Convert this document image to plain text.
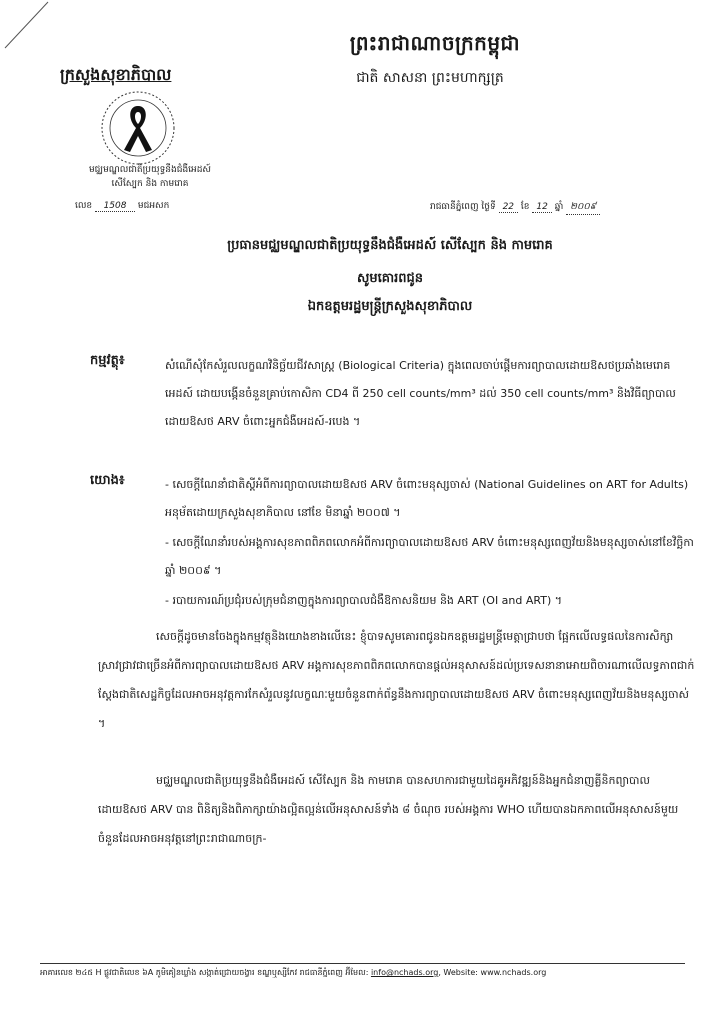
ព្រះរាជាណាចក្រកម្ពុជា
ជាតិ សាសនា ព្រះមហាក្សត្រ
ក្រសួងសុខាភិបាល
មជ្ឈមណ្ឌលជាតិប្រយុទ្ធនឹងជំងឺអេដស៍
សើស្បែក និង កាមរោគ
លេខ 1508 មជអសក	រាជធានីភ្នំពេញ ថ្ងៃទី 22 ខែ 12 ឆ្នាំ ២០០៩
ប្រធានមជ្ឈមណ្ឌលជាតិប្រយុទ្ធនឹងជំងឺអេដស៍ សើស្បែក និង កាមរោគ
សូមគោរពជូន
ឯកឧត្តមរដ្ឋមន្ត្រីក្រសួងសុខាភិបាល
កម្មវត្ថុ៖	សំណើសុំកែសំរួលលក្ខណវិនិច្ឆ័យជីវសាស្ត្រ (Biological Criteria) ក្នុងពេលចាប់ផ្តើមការព្យាបាលដោយឱសថប្រឆាំងមេរោគអេដស៍ ដោយបង្កើនចំនួនគ្រាប់កោសិកា CD4 ពី 250 cell counts/mm³ ដល់ 350 cell counts/mm³ និងវិធីព្យាបាលដោយឱសថ ARV ចំពោះអ្នកជំងឺអេដស៍-របេង ។
យោង៖	- សេចក្តីណែនាំជាតិស្តីអំពីការព្យាបាលដោយឱសថ ARV ចំពោះមនុស្សចាស់ (National Guidelines on ART for Adults) អនុម័តដោយក្រសួងសុខាភិបាល នៅខែ មិនាឆ្នាំ ២០០៧ ។
- សេចក្តីណែនាំរបស់អង្គការសុខភាពពិភពលោកអំពីការព្យាបាលដោយឱសថ ARV ចំពោះមនុស្សពេញវ័យនិងមនុស្សចាស់នៅខែវិច្ឆិកា ឆ្នាំ ២០០៩ ។
- របាយការណ៍ប្រជុំរបស់ក្រុមជំនាញក្នុងការព្យាបាលជំងឺឱកាសនិយម និង ART (OI and ART) ។
សេចក្តីដូចមានចែងក្នុងកម្មវត្ថុនិងយោងខាងលើនេះ ខ្ញុំបាទសូមគោរពជូនឯកឧត្តមរដ្ឋមន្ត្រីមេត្តាជ្រាបថា ផ្អែកលើលទ្ធផលនៃការសិក្សាស្រាវជ្រាវជាច្រើនអំពីការព្យាបាលដោយឱសថ ARV អង្គការសុខភាពពិភពលោកបានផ្តល់អនុសាសន៍ដល់ប្រទេសនានាអោយពិចារណាលើលទ្ធភាពជាក់ស្តែងជាតិសេដ្ឋកិច្ចដែលអាចអនុវត្តការកែសំរួលនូវលក្ខណៈមួយចំនួនពាក់ព័ន្ធនឹងការព្យាបាលដោយឱសថ ARV ចំពោះមនុស្សពេញវ័យនិងមនុស្សចាស់ ។
មជ្ឈមណ្ឌលជាតិប្រយុទ្ធនឹងជំងឺអេដស៍ សើស្បែក និង កាមរោគ បានសហការជាមួយដៃគូអភិវឌ្ឍន៍និងអ្នកជំនាញគ្លីនិកព្យាបាលដោយឱសថ ARV បាន ពិនិត្យនិងពិភាក្សាយ៉ាងល្អិតល្អន់លើអនុសាសន៍ទាំង ៨ ចំណុច របស់អង្គការ WHO ហើយបានឯកភាពលើអនុសាសន៍មួយចំនួនដែលអាចអនុវត្តនៅព្រះរាជាណាចក្រ-
អាគារលេខ ២៤៥ H ផ្លូវជាតិលេខ ៦A ភូមិគៀនឃ្លាំង សង្កាត់ជ្រោយចង្វារ ខណ្ឌឬស្សីកែវ រាជធានីភ្នំពេញ អ៊ីមែល: info@nchads.org, Website: www.nchads.org
